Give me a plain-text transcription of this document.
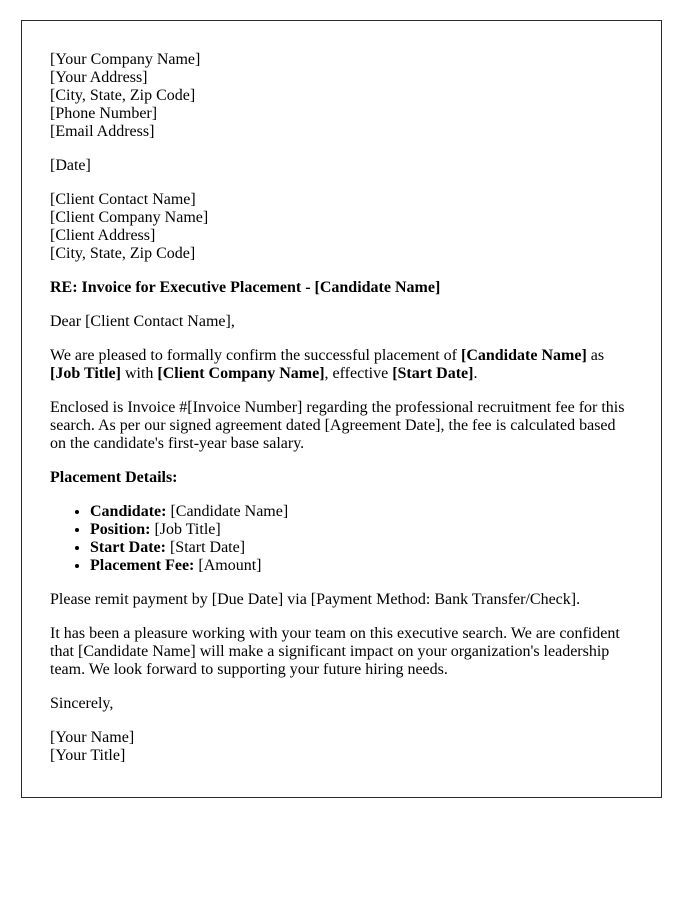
[Your Company Name]
[Your Address]
[City, State, Zip Code]
[Phone Number]
[Email Address]

[Date]

[Client Contact Name]
[Client Company Name]
[Client Address]
[City, State, Zip Code]

RE: Invoice for Executive Placement - [Candidate Name]

Dear [Client Contact Name],

We are pleased to formally confirm the successful placement of [Candidate Name] as [Job Title] with [Client Company Name], effective [Start Date].

Enclosed is Invoice #[Invoice Number] regarding the professional recruitment fee for this search. As per our signed agreement dated [Agreement Date], the fee is calculated based on the candidate's first-year base salary.

Placement Details:

• Candidate: [Candidate Name]
• Position: [Job Title]
• Start Date: [Start Date]
• Placement Fee: [Amount]

Please remit payment by [Due Date] via [Payment Method: Bank Transfer/Check].

It has been a pleasure working with your team on this executive search. We are confident that [Candidate Name] will make a significant impact on your organization's leadership team. We look forward to supporting your future hiring needs.

Sincerely,

[Your Name]
[Your Title]
